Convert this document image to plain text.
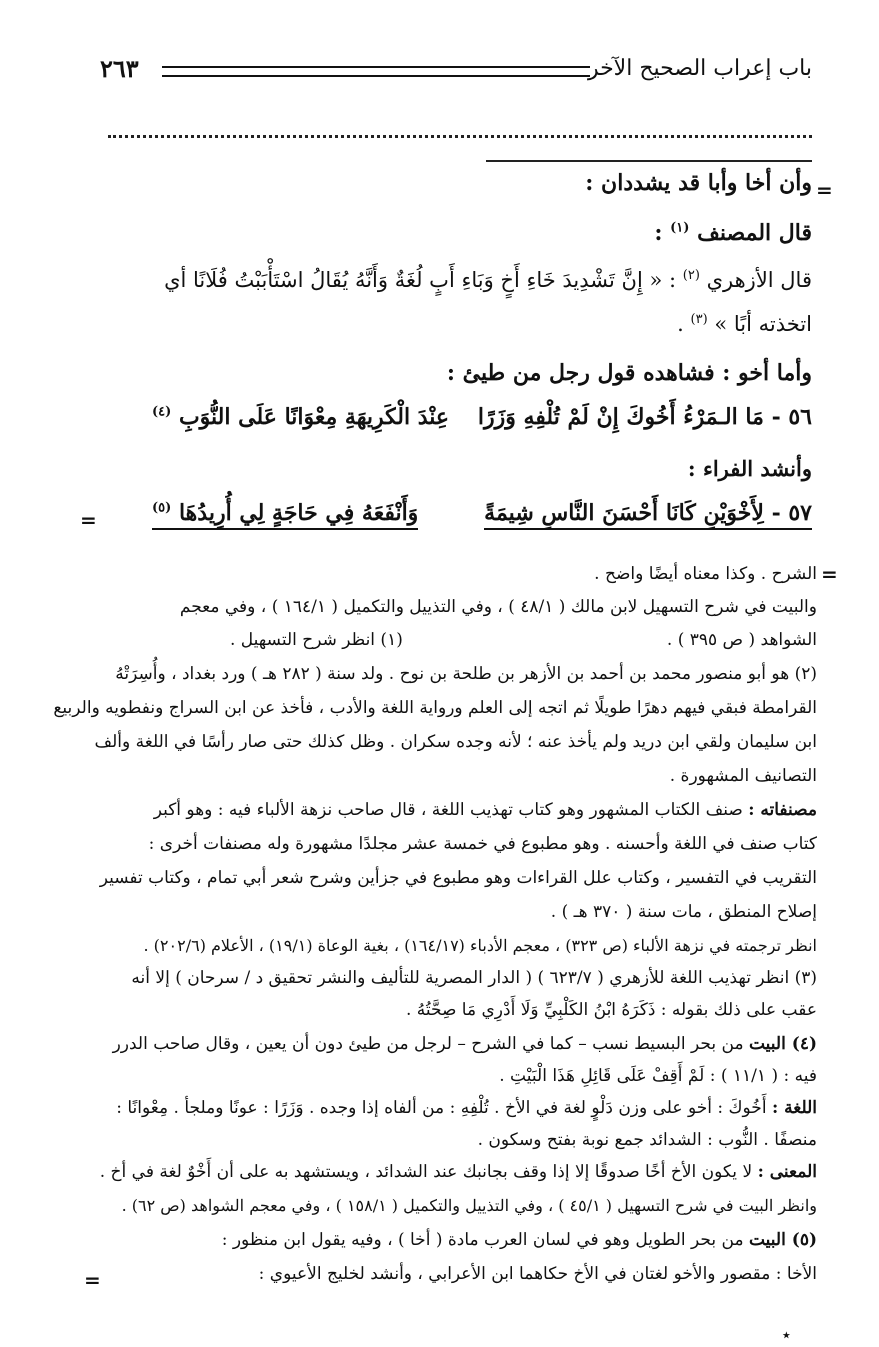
باب إعراب الصحيح الآخر
٢٦٣
=
=
=
=
وأن أخا وأبا قد يشددان :
قال المصنف $^{(١)}$ :
قال الأزهري $^{(٢)}$ : « إِنَّ تَشْدِيدَ خَاءِ أَخٍ وَبَاءِ أَبٍ لُغَةٌ وَأَنَّهُ يُقَالُ اسْتَأْبَبْتُ فُلَانًا أي
اتخذته أبًا » $^{(٣)}$ .
وأما أخو : فشاهده قول رجل من طيئ :
٥٦ - مَا الـمَرْءُ أَخُوكَ إِنْ لَمْ تُلْفِهِ وَزَرًا
عِنْدَ الْكَرِيهَةِ مِعْوَانًا عَلَى النُّوَبِ $^{(٤)}$
وأنشد الفراء :
٥٧ - لِأَخْوَيْنِ كَانَا أَحْسَنَ النَّاسِ شِيمَةً
وَأَنْفَعَهُ فِي حَاجَةٍ لِي أُرِيدُهَا $^{(٥)}$
الشرح . وكذا معناه أيضًا واضح .
والبيت في شرح التسهيل لابن مالك ( ٤٨/١ ) ، وفي التذييل والتكميل ( ١٦٤/١ ) ، وفي معجم
الشواهد ( ص ٣٩٥ ) .
(١) انظر شرح التسهيل .
(٢) هو أبو منصور محمد بن أحمد بن الأزهر بن طلحة بن نوح . ولد سنة ( ٢٨٢ هـ ) ورد بغداد ، وأُسِرَتْهُ
القرامطة فبقي فيهم دهرًا طويلًا ثم اتجه إلى العلم ورواية اللغة والأدب ، فأخذ عن ابن السراج ونفطويه والربيع
ابن سليمان ولقي ابن دريد ولم يأخذ عنه ؛ لأنه وجده سكران . وظل كذلك حتى صار رأسًا في اللغة وألف
التصانيف المشهورة .
مصنفاته : صنف الكتاب المشهور وهو كتاب تهذيب اللغة ، قال صاحب نزهة الألباء فيه : وهو أكبر
كتاب صنف في اللغة وأحسنه . وهو مطبوع في خمسة عشر مجلدًا مشهورة وله مصنفات أخرى :
التقريب في التفسير ، وكتاب علل القراءات وهو مطبوع في جزأين وشرح شعر أبي تمام ، وكتاب تفسير
إصلاح المنطق ، مات سنة ( ٣٧٠ هـ ) .
انظر ترجمته في نزهة الألباء (ص ٣٢٣) ، معجم الأدباء (١٦٤/١٧) ، بغية الوعاة (١٩/١) ، الأعلام (٢٠٢/٦) .
(٣) انظر تهذيب اللغة للأزهري ( ٦٢٣/٧ ) ( الدار المصرية للتأليف والنشر تحقيق د / سرحان ) إلا أنه
عقب على ذلك بقوله : ذَكَرَهُ ابْنُ الكَلْبِيِّ وَلَا أَدْرِي مَا صِحَّتُهُ .
(٤) البيت من بحر البسيط نسب – كما في الشرح – لرجل من طيئ دون أن يعين ، وقال صاحب الدرر
فيه : ( ١١/١ ) : لَمْ أَقِفْ عَلَى قَائِلِ هَذَا الْبَيْتِ .
اللغة : أَخُوكَ : أخو على وزن دَلْوٍ لغة في الأخ . تُلْفِهِ : من ألفاه إذا وجده . وَزَرًا : عونًا وملجأ . مِعْوانًا :
منصفًا . النُّوب : الشدائد جمع نوبة بفتح وسكون .
المعنى : لا يكون الأخ أخًا صدوقًا إلا إذا وقف بجانبك عند الشدائد ، ويستشهد به على أن أَخْوٌ لغة في أخ .
وانظر البيت في شرح التسهيل ( ٤٥/١ ) ، وفي التذييل والتكميل ( ١٥٨/١ ) ، وفي معجم الشواهد (ص ٦٢) .
(٥) البيت من بحر الطويل وهو في لسان العرب مادة ( أخا ) ، وفيه يقول ابن منظور :
الأخا : مقصور والأخو لغتان في الأخ حكاهما ابن الأعرابي ، وأنشد لخليج الأعيوي :
٭
